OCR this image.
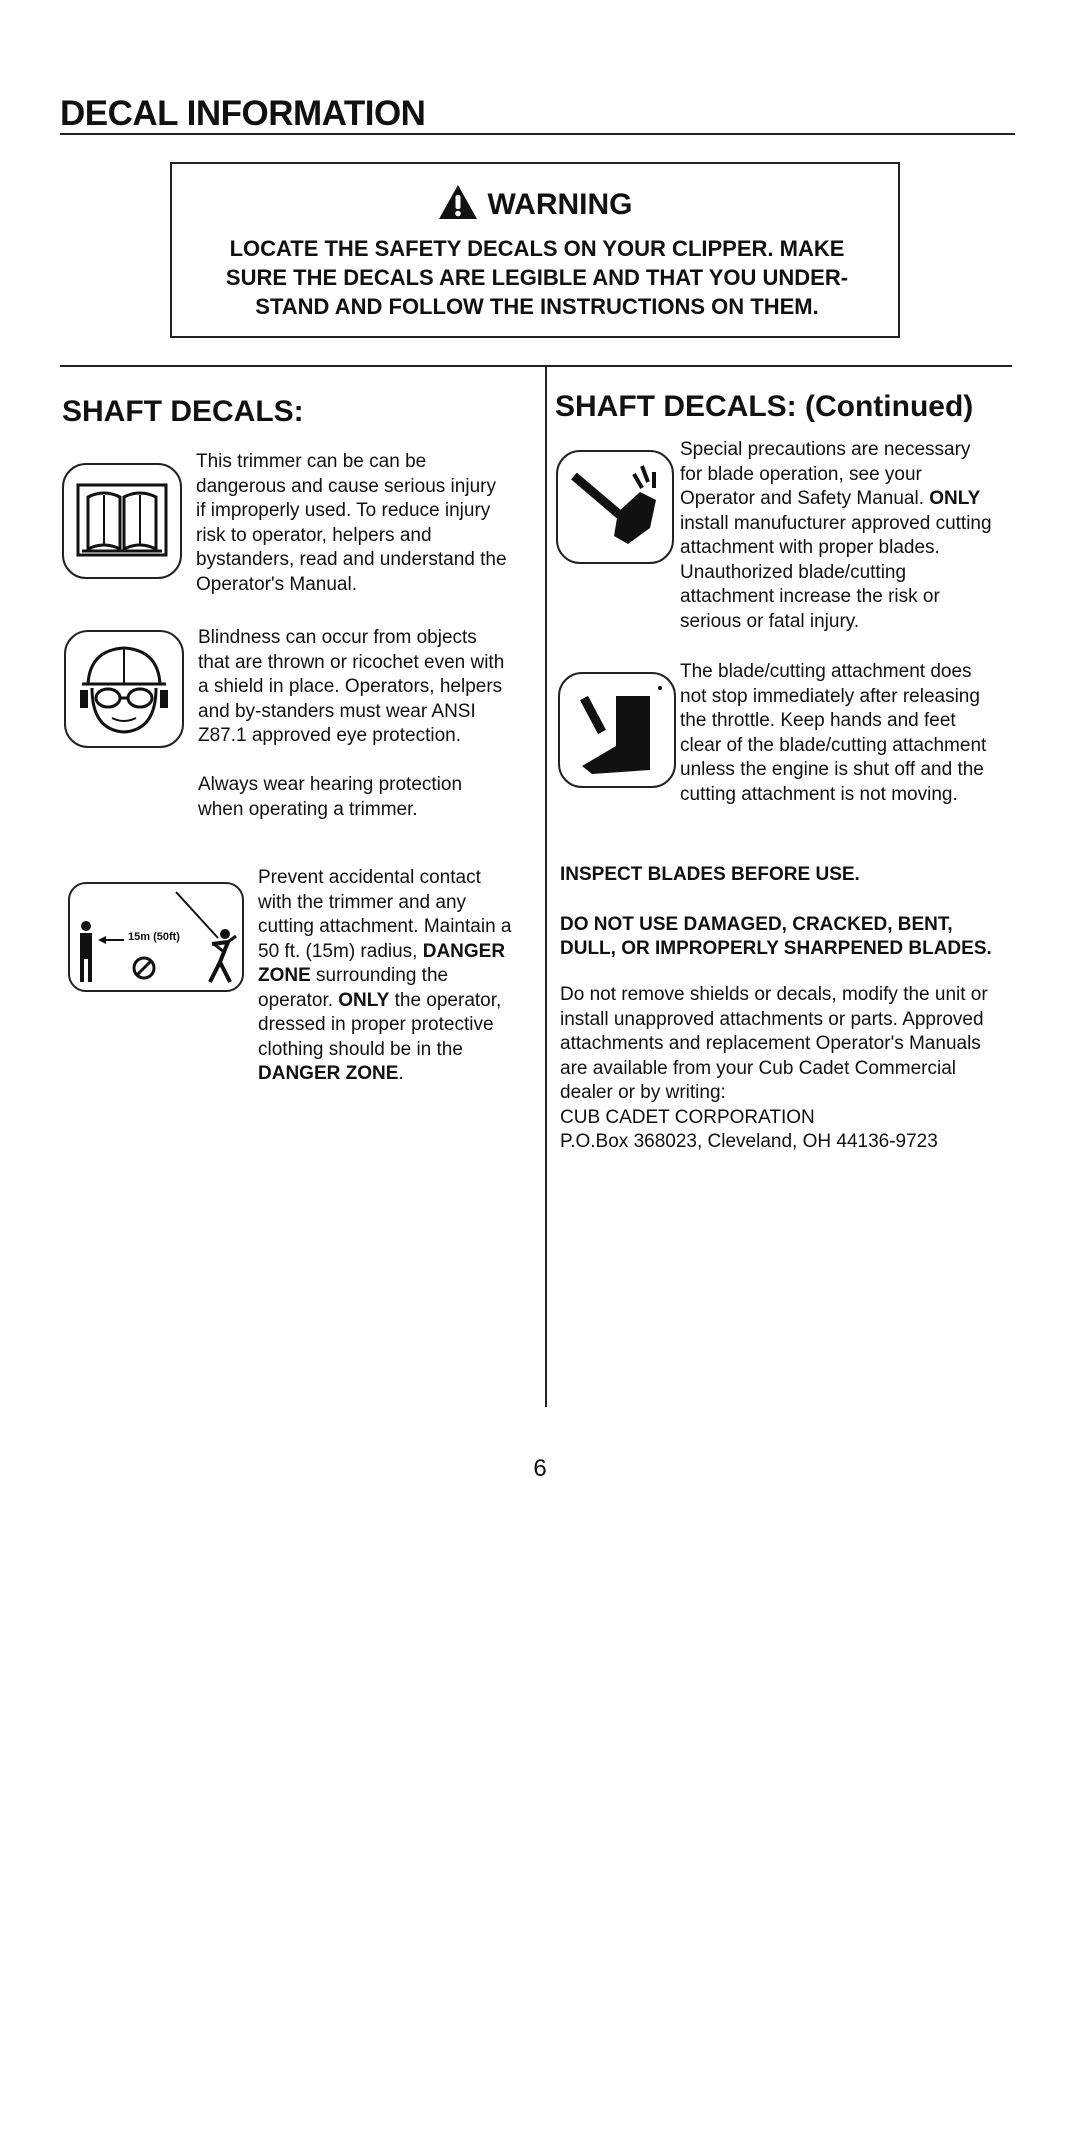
DECAL INFORMATION
WARNING
LOCATE THE SAFETY DECALS ON YOUR CLIPPER. MAKE
SURE THE DECALS ARE LEGIBLE AND THAT YOU UNDER-
STAND AND FOLLOW THE INSTRUCTIONS ON THEM.
SHAFT DECALS:
This trimmer can be can be
dangerous and cause serious injury
if improperly used. To reduce injury
risk to operator, helpers and
bystanders, read and understand the
Operator's Manual.
Blindness can occur from objects
that are thrown or ricochet even with
a shield in place. Operators, helpers
and by-standers must wear ANSI
Z87.1 approved eye protection.
Always wear hearing protection
when operating a trimmer.
15m (50ft)
Prevent accidental contact
with the trimmer and any
cutting attachment. Maintain a
50 ft. (15m) radius, DANGER
ZONE surrounding the
operator. ONLY the operator,
dressed in proper protective
clothing should be in the
DANGER ZONE.
SHAFT DECALS: (Continued)
Special precautions are necessary
for blade operation, see your
Operator and Safety Manual. ONLY
install manufucturer approved cutting
attachment with proper blades.
Unauthorized blade/cutting
attachment increase the risk or
serious or fatal injury.
The blade/cutting attachment does
not stop immediately after releasing
the throttle. Keep hands and feet
clear of the blade/cutting attachment
unless the engine is shut off and the
cutting attachment is not moving.
INSPECT BLADES BEFORE USE.
DO NOT USE DAMAGED, CRACKED, BENT,
DULL, OR IMPROPERLY SHARPENED BLADES.
Do not remove shields or decals, modify the unit or
install unapproved attachments or parts. Approved
attachments and replacement Operator's Manuals
are available from your Cub Cadet Commercial
dealer or by writing:
CUB CADET CORPORATION
P.O.Box 368023, Cleveland, OH 44136-9723
6
